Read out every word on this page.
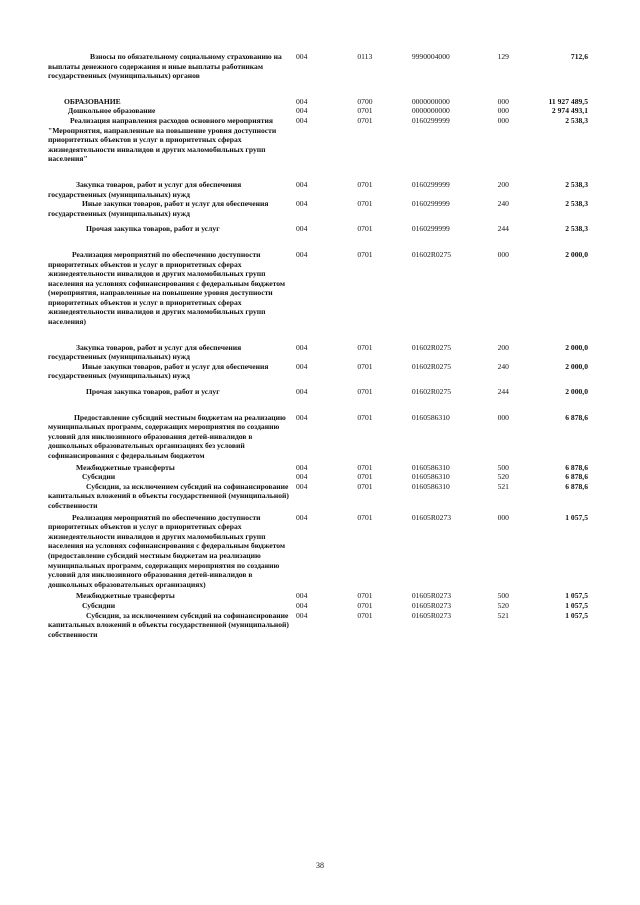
Взносы по обязательному социальному страхованию на выплаты денежного содержания и иные выплаты работникам государственных (муниципальных) органов	004	0113	9990004000	129	712,6
ОБРАЗОВАНИЕ	004	0700	0000000000	000	11 927 489,5
Дошкольное образование	004	0701	0000000000	000	2 974 493,1
Реализация направления расходов основного мероприятия "Мероприятия, направленные на повышение уровня доступности приоритетных объектов и услуг в приоритетных сферах жизнедеятельности инвалидов и других маломобильных групп населения"	004	0701	0160299999	000	2 538,3
Закупка товаров, работ и услуг для обеспечения государственных (муниципальных) нужд	004	0701	0160299999	200	2 538,3
Иные закупки товаров, работ и услуг для обеспечения государственных (муниципальных) нужд	004	0701	0160299999	240	2 538,3
Прочая закупка товаров, работ и услуг	004	0701	0160299999	244	2 538,3
Реализация мероприятий по обеспечению доступности приоритетных объектов и услуг в приоритетных сферах жизнедеятельности инвалидов и других маломобильных групп населения на условиях софинансирования с федеральным бюджетом (мероприятия, направленные на повышение уровня доступности приоритетных объектов и услуг в приоритетных сферах жизнедеятельности инвалидов и других маломобильных групп населения)	004	0701	01602R0275	000	2 000,0
Закупка товаров, работ и услуг для обеспечения государственных (муниципальных) нужд	004	0701	01602R0275	200	2 000,0
Иные закупки товаров, работ и услуг для обеспечения государственных (муниципальных) нужд	004	0701	01602R0275	240	2 000,0
Прочая закупка товаров, работ и услуг	004	0701	01602R0275	244	2 000,0
Предоставление субсидий местным бюджетам на реализацию муниципальных программ, содержащих мероприятия по созданию условий для инклюзивного образования детей-инвалидов в дошкольных образовательных организациях без условий софинансирования с федеральным бюджетом	004	0701	0160586310	000	6 878,6
Межбюджетные трансферты	004	0701	0160586310	500	6 878,6
Субсидии	004	0701	0160586310	520	6 878,6
Субсидии, за исключением субсидий на софинансирование капитальных вложений в объекты государственной (муниципальной) собственности	004	0701	0160586310	521	6 878,6
Реализация мероприятий по обеспечению доступности приоритетных объектов и услуг в приоритетных сферах жизнедеятельности инвалидов и других маломобильных групп населения на условиях софинансирования с федеральным бюджетом (предоставление субсидий местным бюджетам на реализацию муниципальных программ, содержащих мероприятия по созданию условий для инклюзивного образования детей-инвалидов в дошкольных образовательных организациях)	004	0701	01605R0273	000	1 057,5
Межбюджетные трансферты	004	0701	01605R0273	500	1 057,5
Субсидии	004	0701	01605R0273	520	1 057,5
Субсидии, за исключением субсидий на софинансирование капитальных вложений в объекты государственной (муниципальной) собственности	004	0701	01605R0273	521	1 057,5
38
